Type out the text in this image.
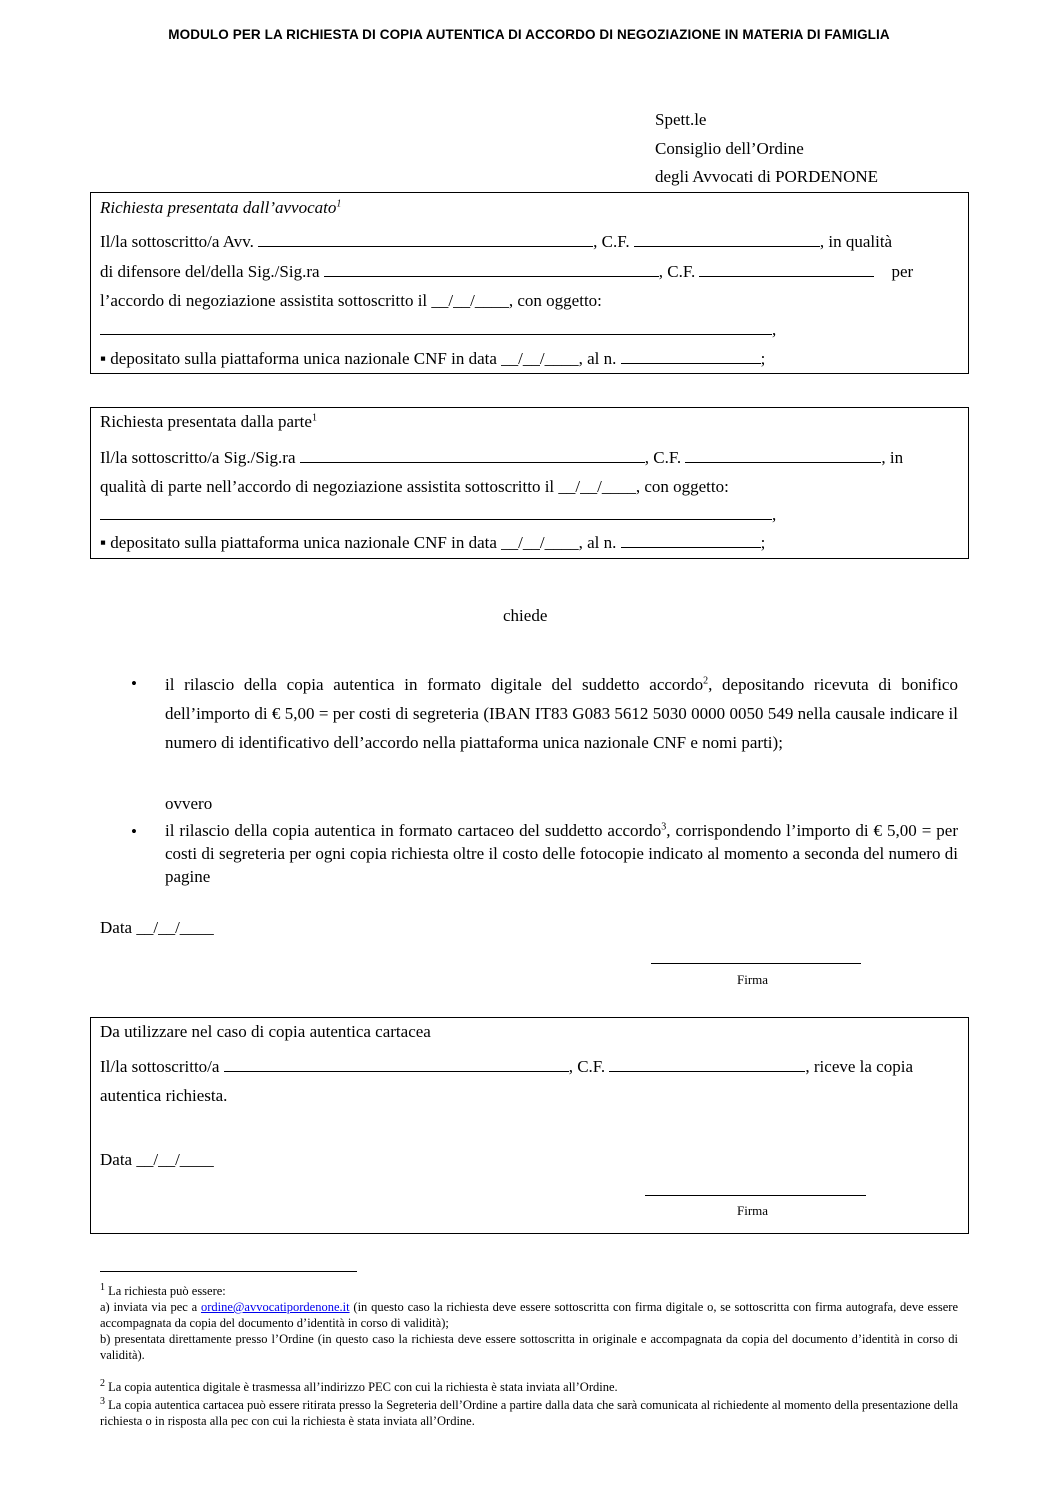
MODULO PER LA RICHIESTA DI COPIA AUTENTICA DI ACCORDO DI NEGOZIAZIONE IN MATERIA DI FAMIGLIA
Spett.le
Consiglio dell’Ordine
degli Avvocati di PORDENONE
Richiesta presentata dall’avvocato$^1$
Il/la sottoscritto/a Avv.	, C.F.	, in qualità
di difensore del/della Sig./Sig.ra	, C.F.	per
l’accordo di negoziazione assistita sottoscritto il __/__/____, con oggetto:
,
▪ depositato sulla piattaforma unica nazionale CNF in data __/__/____, al n.	;
Richiesta presentata dalla parte$^1$
Il/la sottoscritto/a Sig./Sig.ra	, C.F.	, in
qualità di parte nell’accordo di negoziazione assistita sottoscritto il __/__/____, con oggetto:
,
▪ depositato sulla piattaforma unica nazionale CNF in data __/__/____, al n.	;
chiede
• il rilascio della copia autentica in formato digitale del suddetto accordo$^2$, depositando ricevuta di bonifico dell’importo di € 5,00 = per costi di segreteria (IBAN IT83 G083 5612 5030 0000 0050 549 nella causale indicare il numero di identificativo dell’accordo nella piattaforma unica nazionale CNF e nomi parti);
ovvero
• il rilascio della copia autentica in formato cartaceo del suddetto accordo$^3$, corrispondendo l’importo di € 5,00 = per costi di segreteria per ogni copia richiesta oltre il costo delle fotocopie indicato al momento a seconda del numero di pagine
Data __/__/____
Firma
Da utilizzare nel caso di copia autentica cartacea
Il/la sottoscritto/a	, C.F.	, riceve la copia
autentica richiesta.
Data __/__/____
Firma
$^1$ La richiesta può essere:
a) inviata via pec a ordine@avvocatipordenone.it (in questo caso la richiesta deve essere sottoscritta con firma digitale o, se sottoscritta con firma autografa, deve essere accompagnata da copia del documento d’identità in corso di validità);
b) presentata direttamente presso l’Ordine (in questo caso la richiesta deve essere sottoscritta in originale e accompagnata da copia del documento d’identità in corso di validità).
$^2$ La copia autentica digitale è trasmessa all’indirizzo PEC con cui la richiesta è stata inviata all’Ordine.
$^3$ La copia autentica cartacea può essere ritirata presso la Segreteria dell’Ordine a partire dalla data che sarà comunicata al richiedente al momento della presentazione della richiesta o in risposta alla pec con cui la richiesta è stata inviata all’Ordine.
